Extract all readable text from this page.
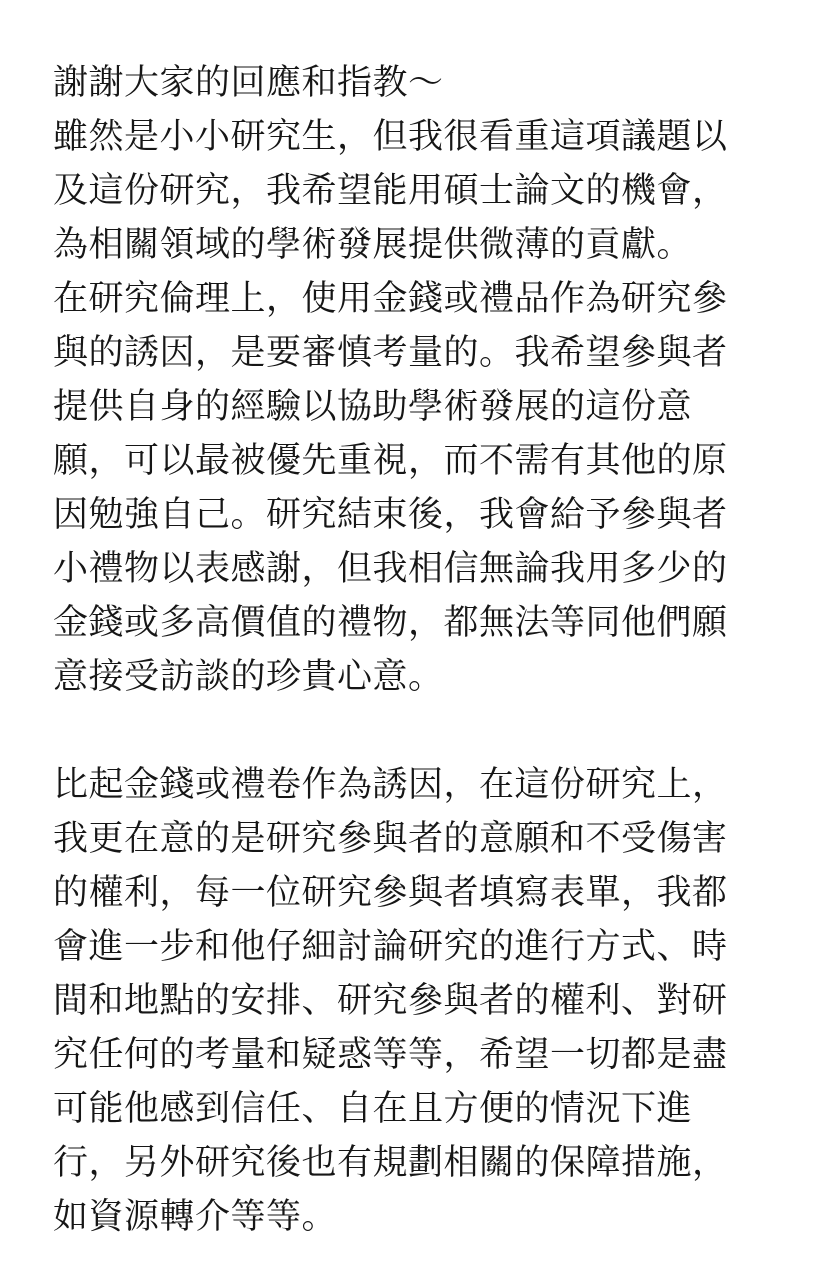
謝謝大家的回應和指教～
雖然是小小研究生，但我很看重這項議題以
及這份研究，我希望能用碩士論文的機會，
為相關領域的學術發展提供微薄的貢獻。
在研究倫理上，使用金錢或禮品作為研究參
與的誘因，是要審慎考量的。我希望參與者
提供自身的經驗以協助學術發展的這份意
願，可以最被優先重視，而不需有其他的原
因勉強自己。研究結束後，我會給予參與者
小禮物以表感謝，但我相信無論我用多少的
金錢或多高價值的禮物，都無法等同他們願
意接受訪談的珍貴心意。
比起金錢或禮卷作為誘因，在這份研究上，
我更在意的是研究參與者的意願和不受傷害
的權利，每一位研究參與者填寫表單，我都
會進一步和他仔細討論研究的進行方式、時
間和地點的安排、研究參與者的權利、對研
究任何的考量和疑惑等等，希望一切都是盡
可能他感到信任、自在且方便的情況下進
行，另外研究後也有規劃相關的保障措施，
如資源轉介等等。
